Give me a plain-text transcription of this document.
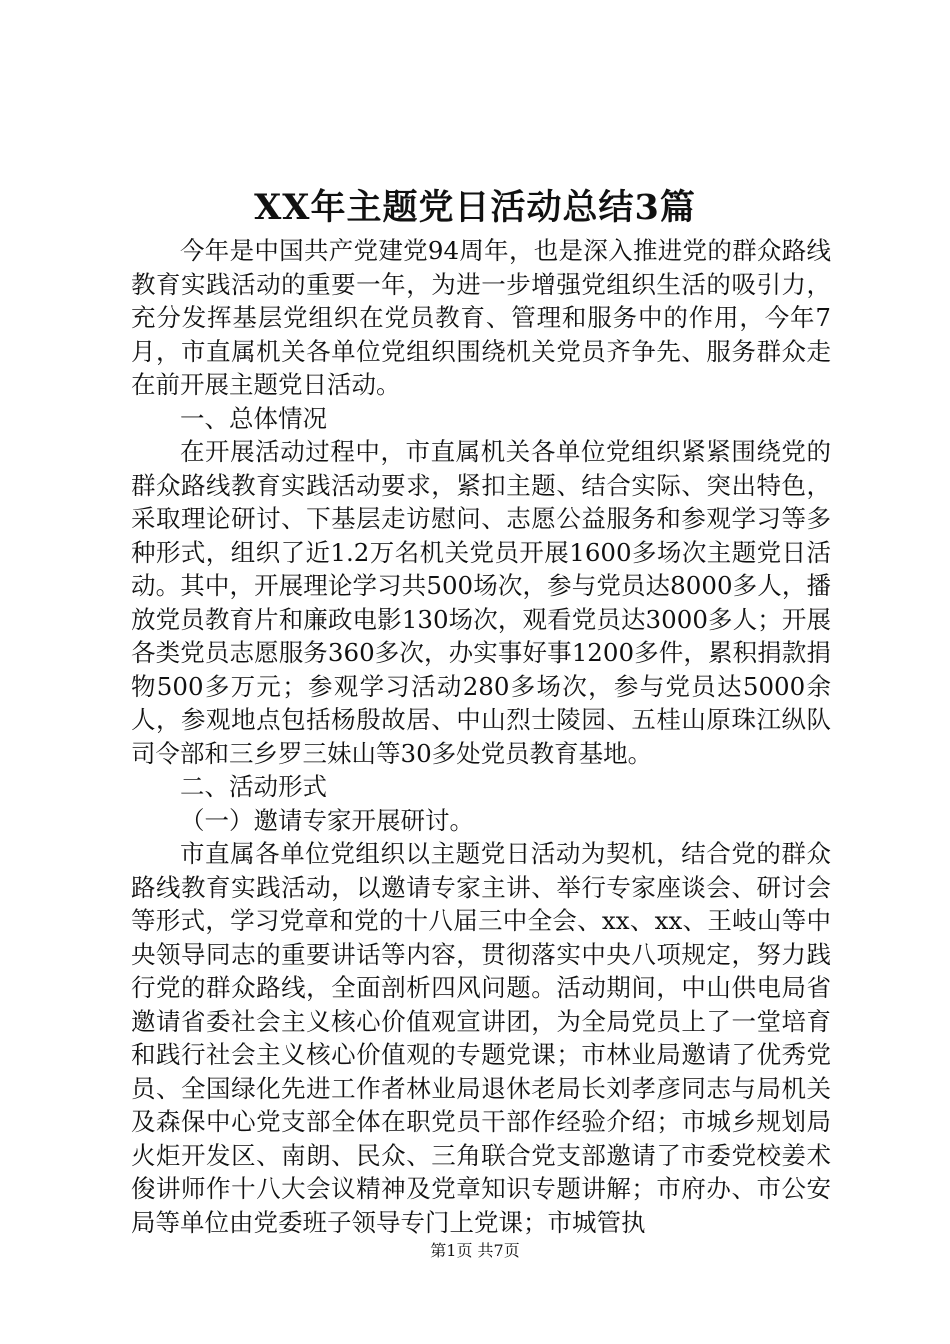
XX年主题党日活动总结3篇

今年是中国共产党建党94周年，也是深入推进党的群众路线教育实践活动的重要一年，为进一步增强党组织生活的吸引力，充分发挥基层党组织在党员教育、管理和服务中的作用，今年7月，市直属机关各单位党组织围绕机关党员齐争先、服务群众走在前开展主题党日活动。

一、总体情况

在开展活动过程中，市直属机关各单位党组织紧紧围绕党的群众路线教育实践活动要求，紧扣主题、结合实际、突出特色，采取理论研讨、下基层走访慰问、志愿公益服务和参观学习等多种形式，组织了近1.2万名机关党员开展1600多场次主题党日活动。其中，开展理论学习共500场次，参与党员达8000多人，播放党员教育片和廉政电影130场次，观看党员达3000多人；开展各类党员志愿服务360多次，办实事好事1200多件，累积捐款捐物500多万元；参观学习活动280多场次，参与党员达5000余人，参观地点包括杨殷故居、中山烈士陵园、五桂山原珠江纵队司令部和三乡罗三妹山等30多处党员教育基地。

二、活动形式

（一）邀请专家开展研讨。

市直属各单位党组织以主题党日活动为契机，结合党的群众路线教育实践活动，以邀请专家主讲、举行专家座谈会、研讨会等形式，学习党章和党的十八届三中全会、xx、xx、王岐山等中央领导同志的重要讲话等内容，贯彻落实中央八项规定，努力践行党的群众路线，全面剖析四风问题。活动期间，中山供电局省邀请省委社会主义核心价值观宣讲团，为全局党员上了一堂培育和践行社会主义核心价值观的专题党课；市林业局邀请了优秀党员、全国绿化先进工作者林业局退休老局长刘孝彦同志与局机关及森保中心党支部全体在职党员干部作经验介绍；市城乡规划局火炬开发区、南朗、民众、三角联合党支部邀请了市委党校姜术俊讲师作十八大会议精神及党章知识专题讲解；市府办、市公安局等单位由党委班子领导专门上党课；市城管执

第1页 共7页
